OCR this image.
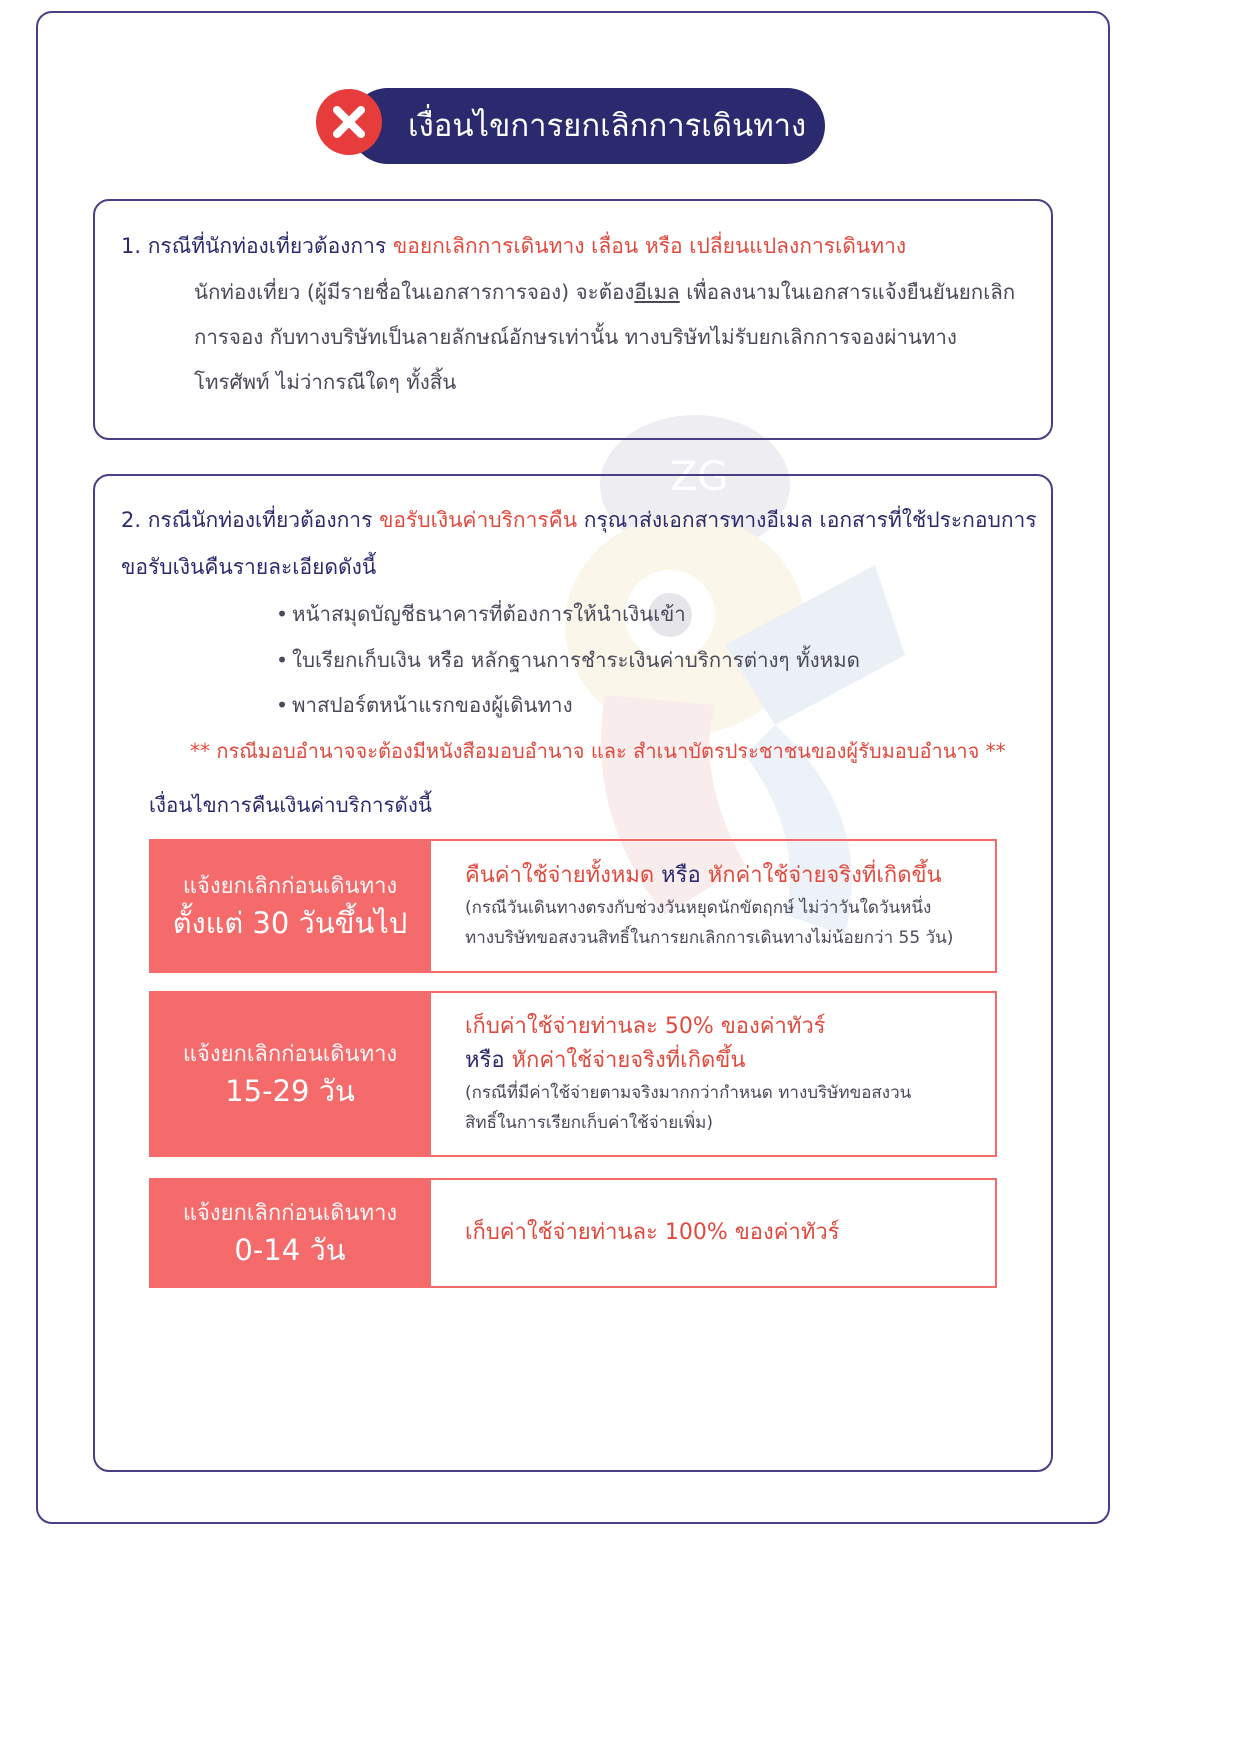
ZG
เงื่อนไขการยกเลิกการเดินทาง
1. กรณีที่นักท่องเที่ยวต้องการ ขอยกเลิกการเดินทาง เลื่อน หรือ เปลี่ยนแปลงการเดินทาง
นักท่องเที่ยว (ผู้มีรายชื่อในเอกสารการจอง) จะต้องอีเมล เพื่อลงนามในเอกสารแจ้งยืนยันยกเลิก
การจอง กับทางบริษัทเป็นลายลักษณ์อักษรเท่านั้น ทางบริษัทไม่รับยกเลิกการจองผ่านทาง
โทรศัพท์ ไม่ว่ากรณีใดๆ ทั้งสิ้น
2. กรณีนักท่องเที่ยวต้องการ ขอรับเงินค่าบริการคืน กรุณาส่งเอกสารทางอีเมล เอกสารที่ใช้ประกอบการ
ขอรับเงินคืนรายละเอียดดังนี้
• หน้าสมุดบัญชีธนาคารที่ต้องการให้นำเงินเข้า
• ใบเรียกเก็บเงิน หรือ หลักฐานการชำระเงินค่าบริการต่างๆ ทั้งหมด
• พาสปอร์ตหน้าแรกของผู้เดินทาง
** กรณีมอบอำนาจจะต้องมีหนังสือมอบอำนาจ และ สำเนาบัตรประชาชนของผู้รับมอบอำนาจ **
เงื่อนไขการคืนเงินค่าบริการดังนี้
แจ้งยกเลิกก่อนเดินทาง
ตั้งแต่ 30 วันขึ้นไป
คืนค่าใช้จ่ายทั้งหมด หรือ หักค่าใช้จ่ายจริงที่เกิดขึ้น
(กรณีวันเดินทางตรงกับช่วงวันหยุดนักขัตฤกษ์ ไม่ว่าวันใดวันหนึ่ง
ทางบริษัทขอสงวนสิทธิ์ในการยกเลิกการเดินทางไม่น้อยกว่า 55 วัน)
แจ้งยกเลิกก่อนเดินทาง
15-29 วัน
เก็บค่าใช้จ่ายท่านละ 50% ของค่าทัวร์
หรือ หักค่าใช้จ่ายจริงที่เกิดขึ้น
(กรณีที่มีค่าใช้จ่ายตามจริงมากกว่ากำหนด ทางบริษัทขอสงวน
สิทธิ์ในการเรียกเก็บค่าใช้จ่ายเพิ่ม)
แจ้งยกเลิกก่อนเดินทาง
0-14 วัน
เก็บค่าใช้จ่ายท่านละ 100% ของค่าทัวร์
